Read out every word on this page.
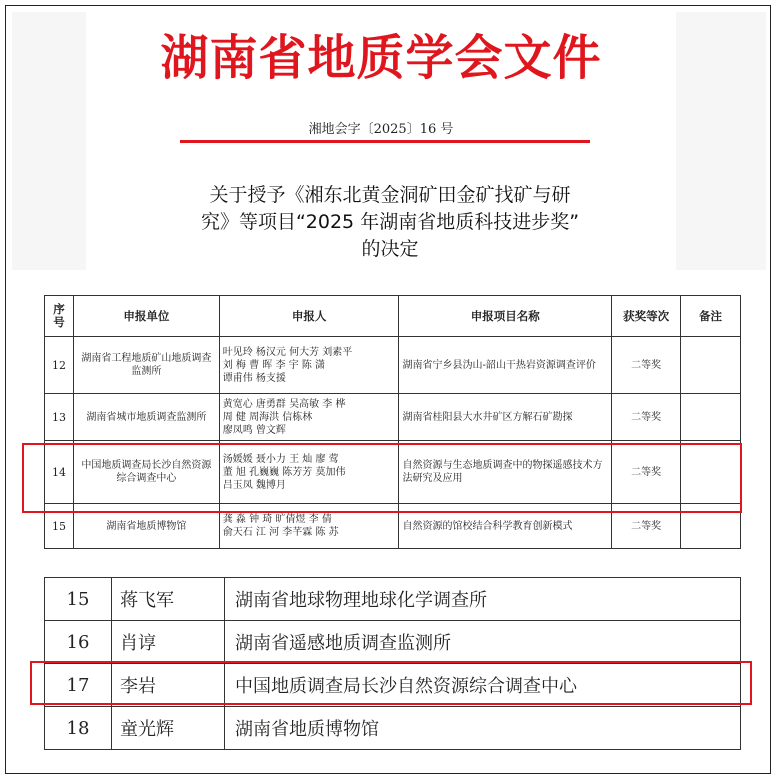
湖南省地质学会文件
湘地会字〔2025〕16 号
关于授予《湘东北黄金洞矿田金矿找矿与研
究》等项目“2025 年湖南省地质科技进步奖”
的决定
序
号	申报单位	申报人	申报项目名称	获奖等次	备注
12	湖南省工程地质矿山地质调查监测所	叶见玲 杨汉元 何大芳 刘素平
刘 梅 曹 晖 李 宇 陈 潇
谭甫伟 杨支援	湖南省宁乡县沩山-韶山干热岩资源调查评价	二等奖	
13	湖南省城市地质调查监测所	黄宽心 唐勇群 吴高敏 李 桦
周 健 周海洪 信栋林
廖凤鸣 曾文辉	湖南省桂阳县大水井矿区方解石矿勘探	二等奖	
14	中国地质调查局长沙自然资源综合调查中心	汤媛媛 聂小力 王 灿 廖 莺
董 旭 孔巍巍 陈芳芳 莫加伟
吕玉凤 魏博月	自然资源与生态地质调查中的物探遥感技术方法研究及应用	二等奖	
15	湖南省地质博物馆	龚 淼 钟 琦 旷倩煜 李 倩
俞天石 江 河 李芊霖 陈 苏	自然资源的馆校结合科学教育创新模式	二等奖	
15	蒋飞军	湖南省地球物理地球化学调查所
16	肖谆	湖南省遥感地质调查监测所
17	李岩	中国地质调查局长沙自然资源综合调查中心
18	童光辉	湖南省地质博物馆
